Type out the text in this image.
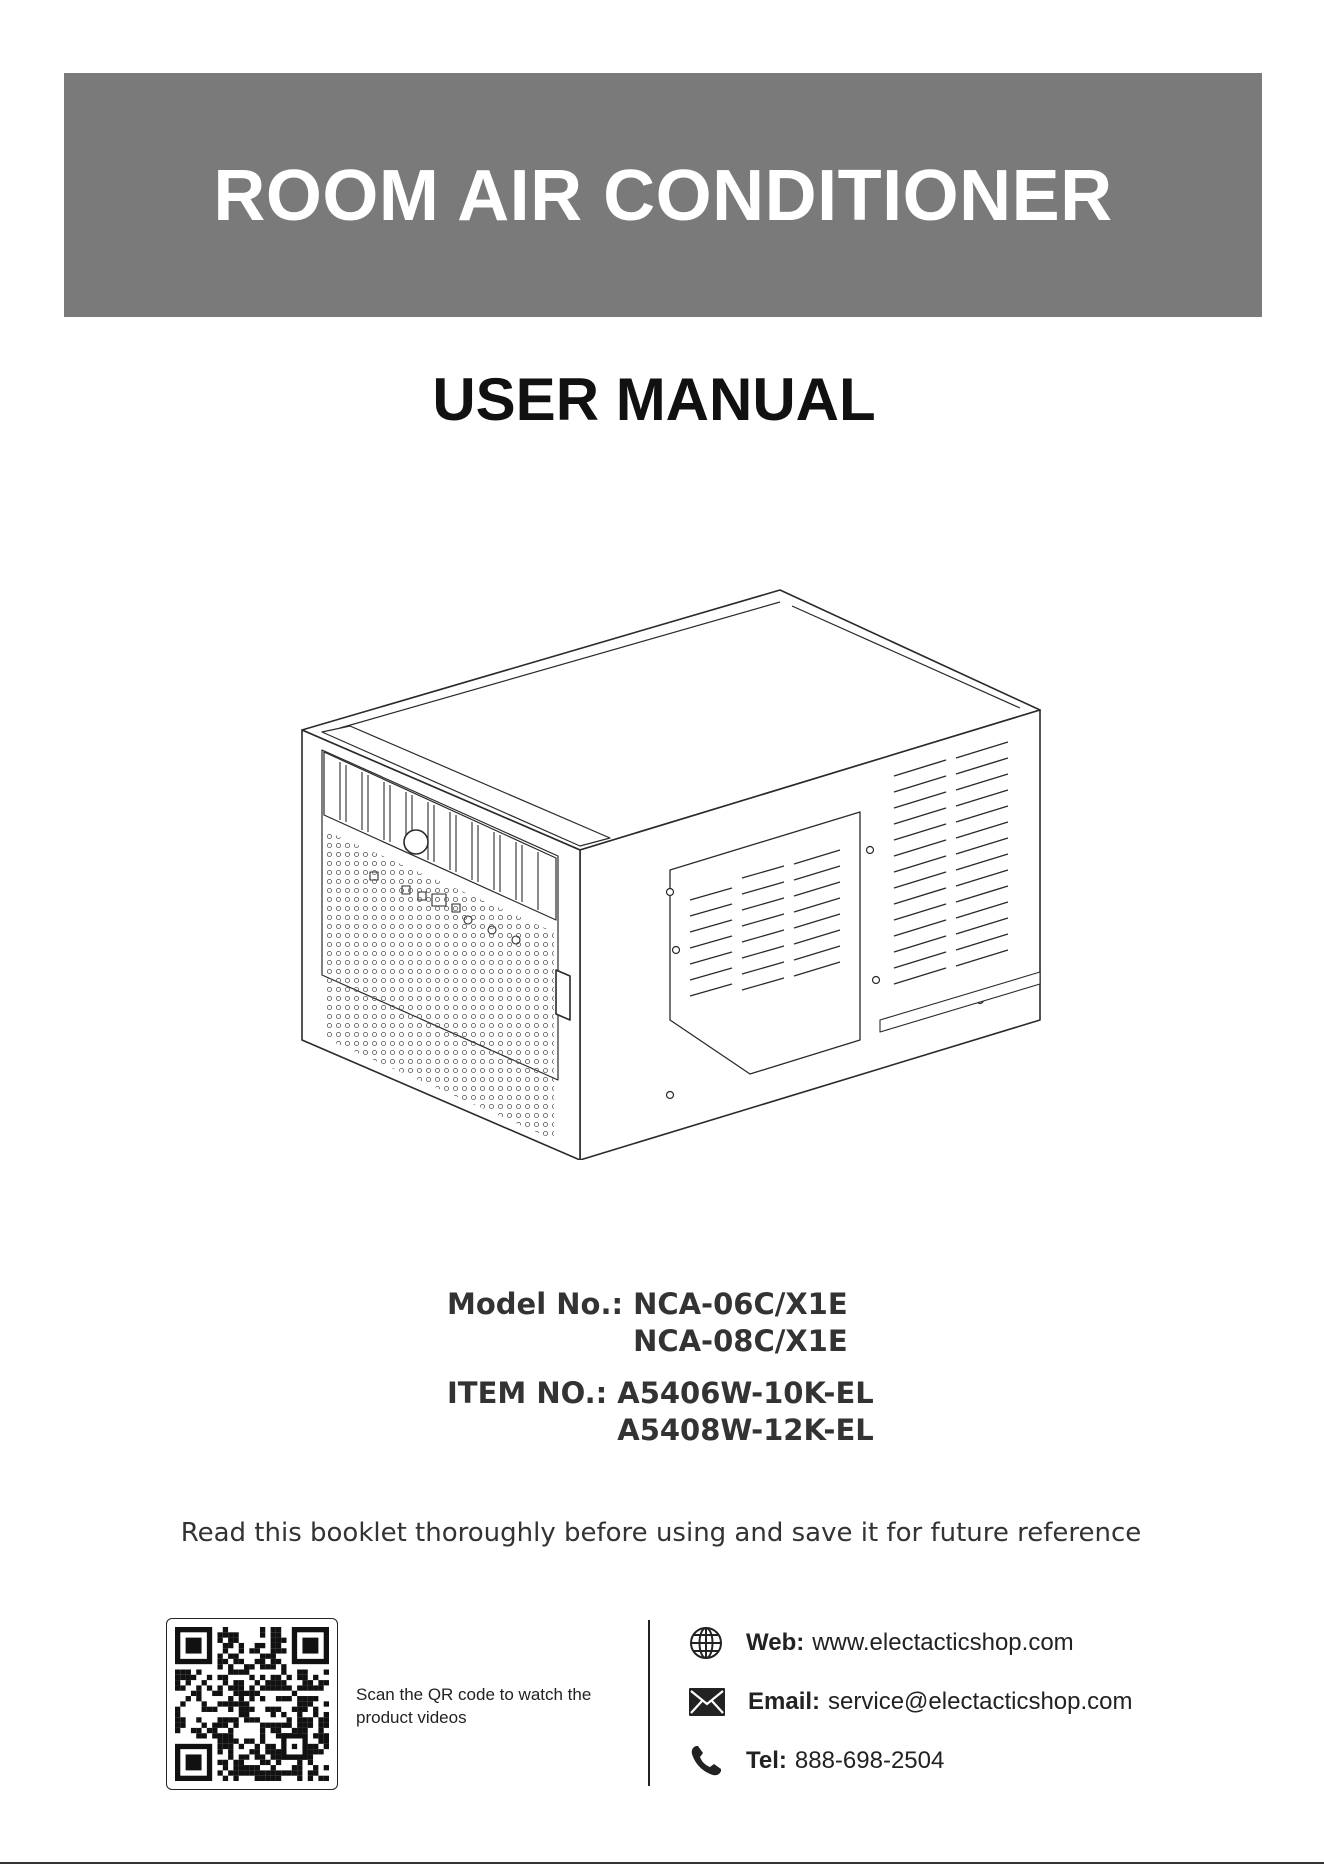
ROOM AIR CONDITIONER
USER MANUAL
Model No.: NCA-06C/X1E
NCA-08C/X1E
ITEM NO.: A5406W-10K-EL
A5408W-12K-EL
Read this booklet thoroughly before using and save it for future reference
Scan the QR code to watch the product videos
Web: www.electacticshop.com
Email: service@electacticshop.com
Tel: 888-698-2504
